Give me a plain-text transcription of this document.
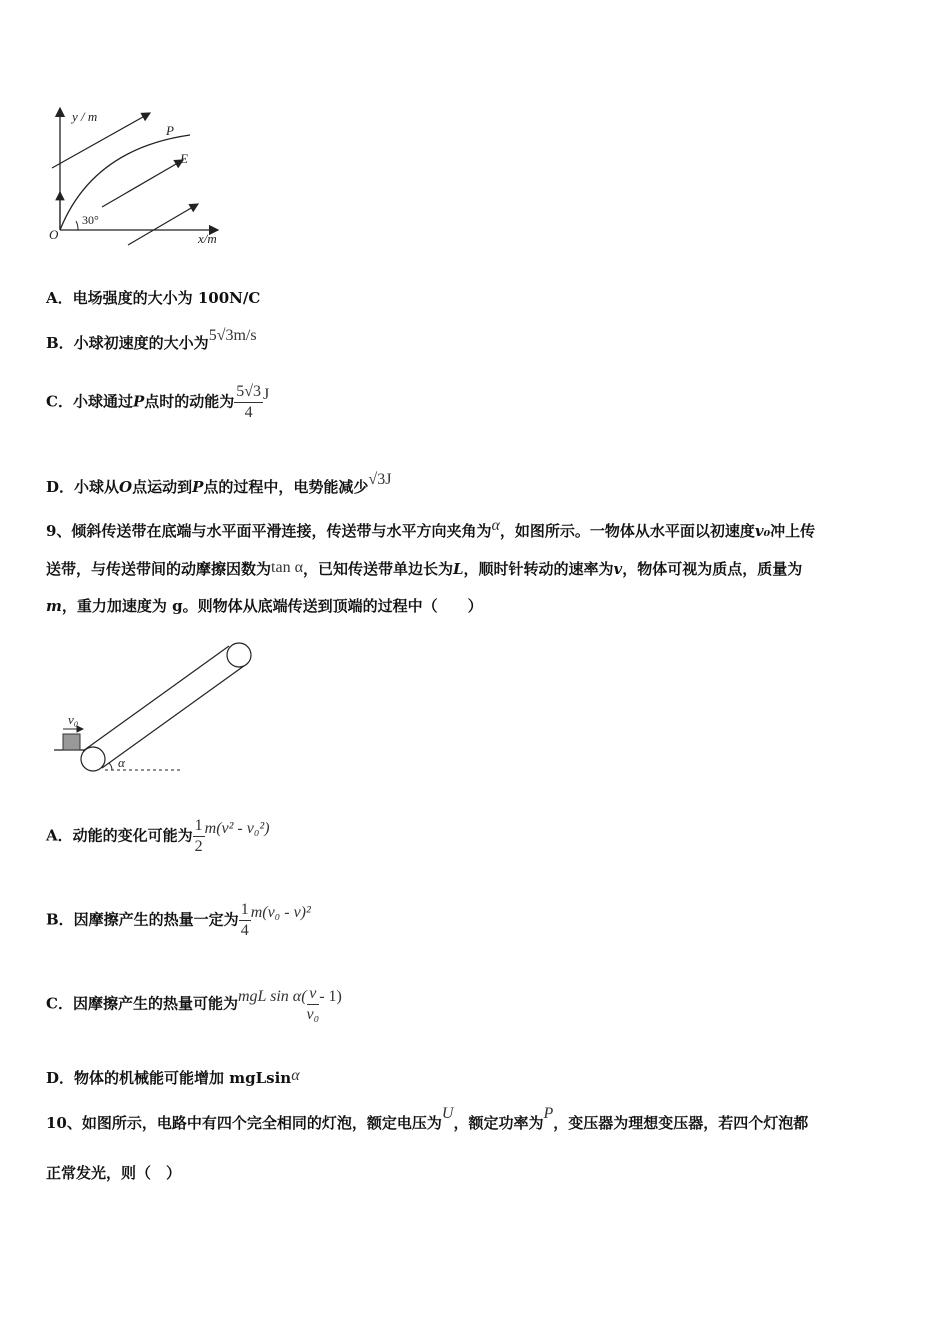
y / m
x/m
O
P
E
30°
A．电场强度的大小为 100N/C
B．小球初速度的大小为5√3m/s
C．小球通过P点时的动能为 $\frac{5√3}{4}$ J
D．小球从O点运动到P点的过程中，电势能减少√3J
9、倾斜传送带在底端与水平面平滑连接，传送带与水平方向夹角为α，如图所示。一物体从水平面以初速度v₀冲上传
送带，与传送带间的动摩擦因数为tan α，已知传送带单边长为L，顺时针转动的速率为v，物体可视为质点，质量为
m，重力加速度为 g。则物体从底端传送到顶端的过程中（　　）
v₀
α
A．动能的变化可能为 $\frac{1}{2} m(v^2 - v_0^2)$
B．因摩擦产生的热量一定为 $\frac{1}{4} m(v_0 - v)^2$
C．因摩擦产生的热量可能为mgL $\sin \alpha( \frac{v}{\text{v₀}} - 1)$
D．物体的机械能可能增加 mgLsinα
10、如图所示，电路中有四个完全相同的灯泡，额定电压为U，额定功率为P，变压器为理想变压器，若四个灯泡都
正常发光，则（　）
